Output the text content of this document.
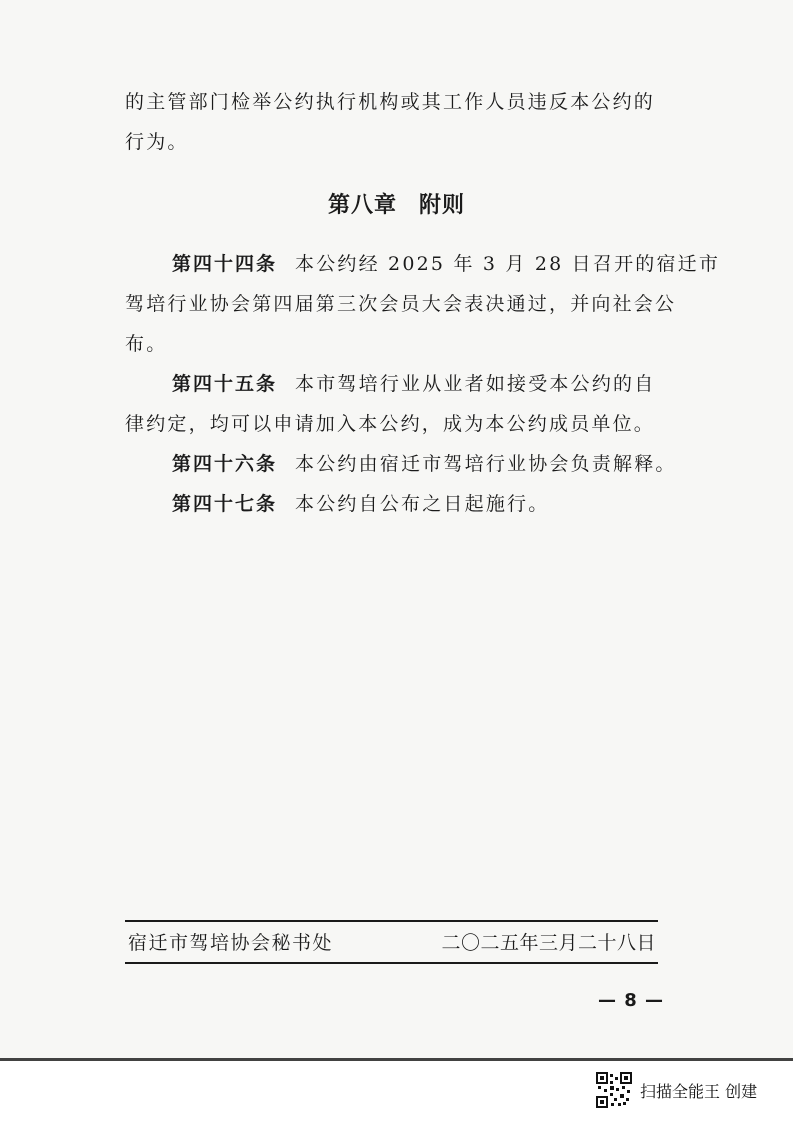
的主管部门检举公约执行机构或其工作人员违反本公约的
行为。
第八章 附则
第四十四条 本公约经 2025 年 3 月 28 日召开的宿迁市
驾培行业协会第四届第三次会员大会表决通过，并向社会公
布。
第四十五条 本市驾培行业从业者如接受本公约的自
律约定，均可以申请加入本公约，成为本公约成员单位。
第四十六条 本公约由宿迁市驾培行业协会负责解释。
第四十七条 本公约自公布之日起施行。
宿迁市驾培协会秘书处	二〇二五年三月二十八日
— 8 —
扫描全能王 创建
